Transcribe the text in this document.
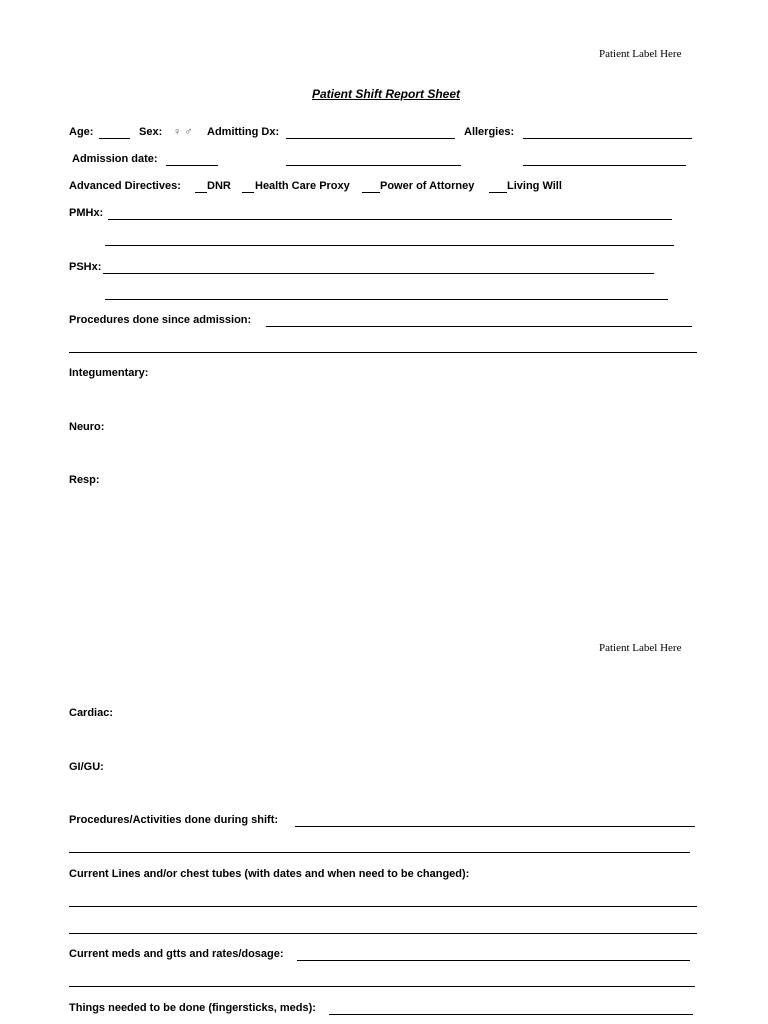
Patient Label Here
Patient Shift Report Sheet
Age:	Sex: ♀ ♂ Admitting Dx:	Allergies:
Admission date:
Advanced Directives: DNR Health Care Proxy	Power of Attorney	Living Will
PMHx:
PSHx:
Procedures done since admission:
Integumentary:
Neuro:
Resp:
Patient Label Here
Cardiac:
GI/GU:
Procedures/Activities done during shift:
Current Lines and/or chest tubes (with dates and when need to be changed):
Current meds and gtts and rates/dosage:
Things needed to be done (fingersticks, meds):
